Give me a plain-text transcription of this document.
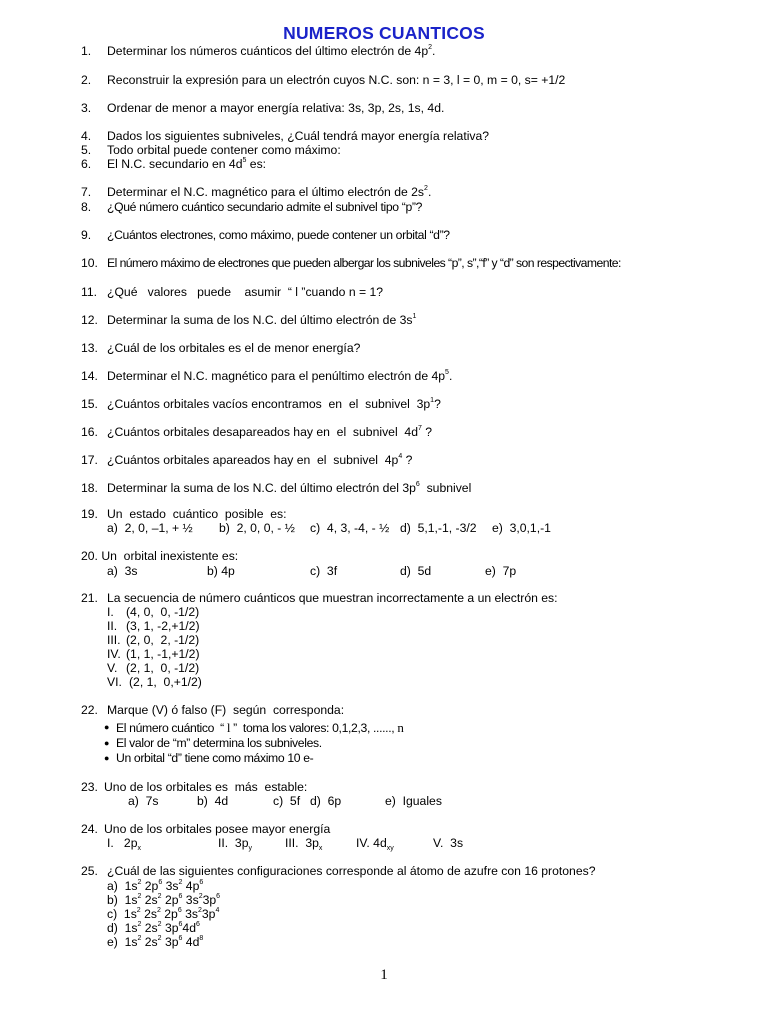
NUMEROS CUANTICOS
1. Determinar los números cuánticos del último electrón de $4p^2$.
2. Reconstruir la expresión para un electrón cuyos N.C. son: n = 3, l = 0, m = 0, s= +1/2
3. Ordenar de menor a mayor energía relativa: 3s, 3p, 2s, 1s, 4d.
4. Dados los siguientes subniveles, ¿Cuál tendrá mayor energía relativa?
5. Todo orbital puede contener como máximo:
6. El N.C. secundario en $4d^5$ es:
7. Determinar el N.C. magnético para el último electrón de $2s^2$.
8. ¿Qué número cuántico secundario admite el subnivel tipo “p”?
9. ¿Cuántos electrones, como máximo, puede contener un orbital “d”?
10. El número máximo de electrones que pueden albergar los subniveles “p”, s”,“f” y “d” son respectivamente:
11. ¿Qué   valores   puede    asumir  “ l ”cuando n = 1?
12. Determinar la suma de los N.C. del último electrón de $3s^1$
13. ¿Cuál de los orbitales es el de menor energía?
14. Determinar el N.C. magnético para el penúltimo electrón de $4p^5$.
15. ¿Cuántos orbitales vacíos encontramos  en  el  subnivel  $3p^1$?
16. ¿Cuántos orbitales desapareados hay en  el  subnivel  $4d^7$ ?
17. ¿Cuántos orbitales apareados hay en  el  subnivel  $4p^4$ ?
18. Determinar la suma de los N.C. del último electrón del $3p^6$  subnivel
19. Un  estado  cuántico  posible  es:
a)  2, 0, –1, + ½ b)  2, 0, 0, - ½ c)  4, 3, -4, - ½ d)  5,1,-1, -3/2 e)  3,0,1,-1
20. Un  orbital inexistente es:
a)  3s	b) 4p	c)  3f	d)  5d	e)  7p
21. La secuencia de número cuánticos que muestran incorrectamente a un electrón es:
I. (4, 0,  0, -1/2)
II. (3, 1, -2,+1/2)
III. (2, 0,  2, -1/2)
IV. (1, 1, -1,+1/2)
V. (2, 1,  0, -1/2)
VI. (2, 1,  0,+1/2)
22. Marque (V) ó falso (F)  según  corresponda:
● El número cuántico  “ l ”  toma los valores: 0,1,2,3, ......, n
● El valor de “m” determina los subniveles.
● Un orbital “d” tiene como máximo 10 e-
23. Uno de los orbitales es  más  estable:
a)  7s	b)  4d	c)  5f d)  6p	e)  Iguales
24. Uno de los orbitales posee mayor energía
I.   $2p_x$	II.  $3p_y$	III.  $3p_x$	IV. $4d_{xy}$	V.  3s
25. ¿Cuál de las siguientes configuraciones corresponde al átomo de azufre con 16 protones?
a)  $1s^2$ $2p^6$ $3s^2$ $4p^6$
b)  $1s^2$ $2s^2$ $2p^6$ $3s^23p^6$
c)  $1s^2$ $2s^2$ $2p^6$ $3s^23p^4$
d)  $1s^2$ $2s^2$ $3p^64d^6$
e)  $1s^2$ $2s^2$ $3p^6$ $4d^8$
1
